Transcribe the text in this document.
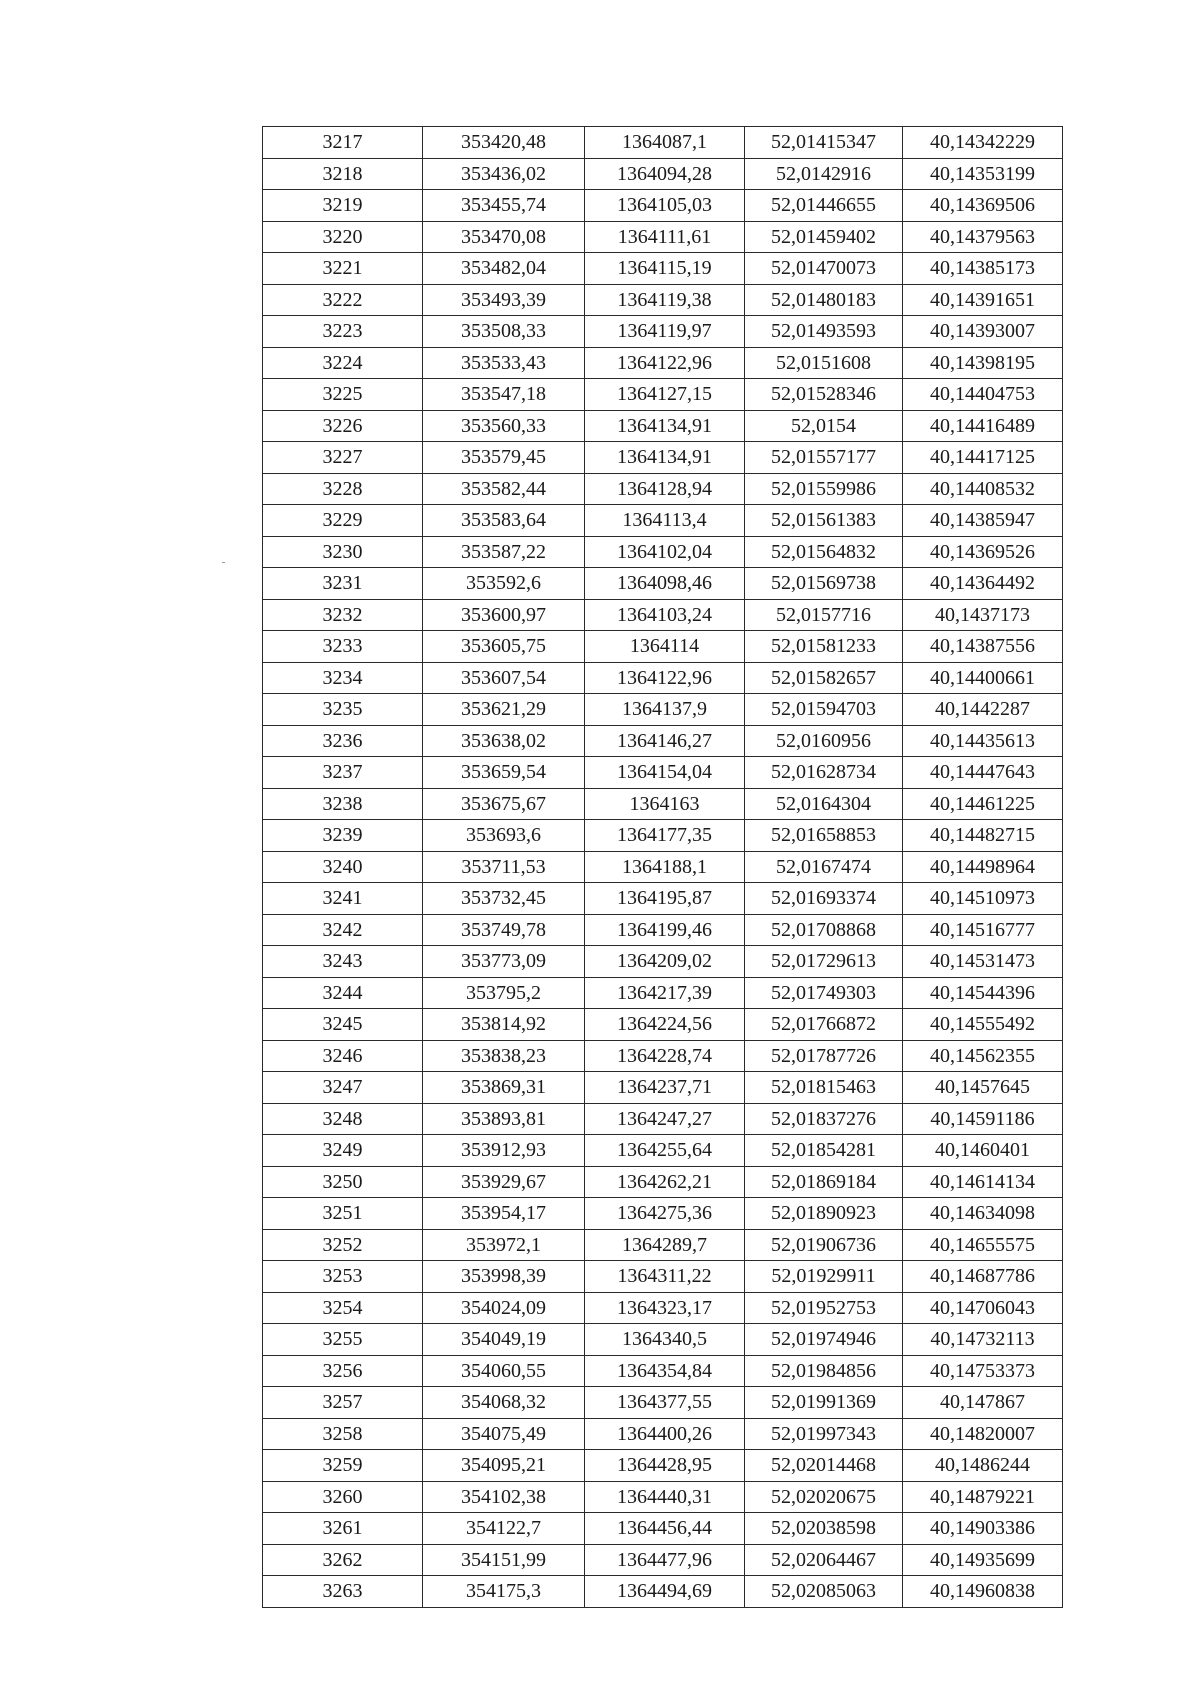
3217	353420,48	1364087,1	52,01415347	40,14342229
3218	353436,02	1364094,28	52,0142916	40,14353199
3219	353455,74	1364105,03	52,01446655	40,14369506
3220	353470,08	1364111,61	52,01459402	40,14379563
3221	353482,04	1364115,19	52,01470073	40,14385173
3222	353493,39	1364119,38	52,01480183	40,14391651
3223	353508,33	1364119,97	52,01493593	40,14393007
3224	353533,43	1364122,96	52,0151608	40,14398195
3225	353547,18	1364127,15	52,01528346	40,14404753
3226	353560,33	1364134,91	52,0154	40,14416489
3227	353579,45	1364134,91	52,01557177	40,14417125
3228	353582,44	1364128,94	52,01559986	40,14408532
3229	353583,64	1364113,4	52,01561383	40,14385947
3230	353587,22	1364102,04	52,01564832	40,14369526
3231	353592,6	1364098,46	52,01569738	40,14364492
3232	353600,97	1364103,24	52,0157716	40,1437173
3233	353605,75	1364114	52,01581233	40,14387556
3234	353607,54	1364122,96	52,01582657	40,14400661
3235	353621,29	1364137,9	52,01594703	40,1442287
3236	353638,02	1364146,27	52,0160956	40,14435613
3237	353659,54	1364154,04	52,01628734	40,14447643
3238	353675,67	1364163	52,0164304	40,14461225
3239	353693,6	1364177,35	52,01658853	40,14482715
3240	353711,53	1364188,1	52,0167474	40,14498964
3241	353732,45	1364195,87	52,01693374	40,14510973
3242	353749,78	1364199,46	52,01708868	40,14516777
3243	353773,09	1364209,02	52,01729613	40,14531473
3244	353795,2	1364217,39	52,01749303	40,14544396
3245	353814,92	1364224,56	52,01766872	40,14555492
3246	353838,23	1364228,74	52,01787726	40,14562355
3247	353869,31	1364237,71	52,01815463	40,1457645
3248	353893,81	1364247,27	52,01837276	40,14591186
3249	353912,93	1364255,64	52,01854281	40,1460401
3250	353929,67	1364262,21	52,01869184	40,14614134
3251	353954,17	1364275,36	52,01890923	40,14634098
3252	353972,1	1364289,7	52,01906736	40,14655575
3253	353998,39	1364311,22	52,01929911	40,14687786
3254	354024,09	1364323,17	52,01952753	40,14706043
3255	354049,19	1364340,5	52,01974946	40,14732113
3256	354060,55	1364354,84	52,01984856	40,14753373
3257	354068,32	1364377,55	52,01991369	40,147867
3258	354075,49	1364400,26	52,01997343	40,14820007
3259	354095,21	1364428,95	52,02014468	40,1486244
3260	354102,38	1364440,31	52,02020675	40,14879221
3261	354122,7	1364456,44	52,02038598	40,14903386
3262	354151,99	1364477,96	52,02064467	40,14935699
3263	354175,3	1364494,69	52,02085063	40,14960838
